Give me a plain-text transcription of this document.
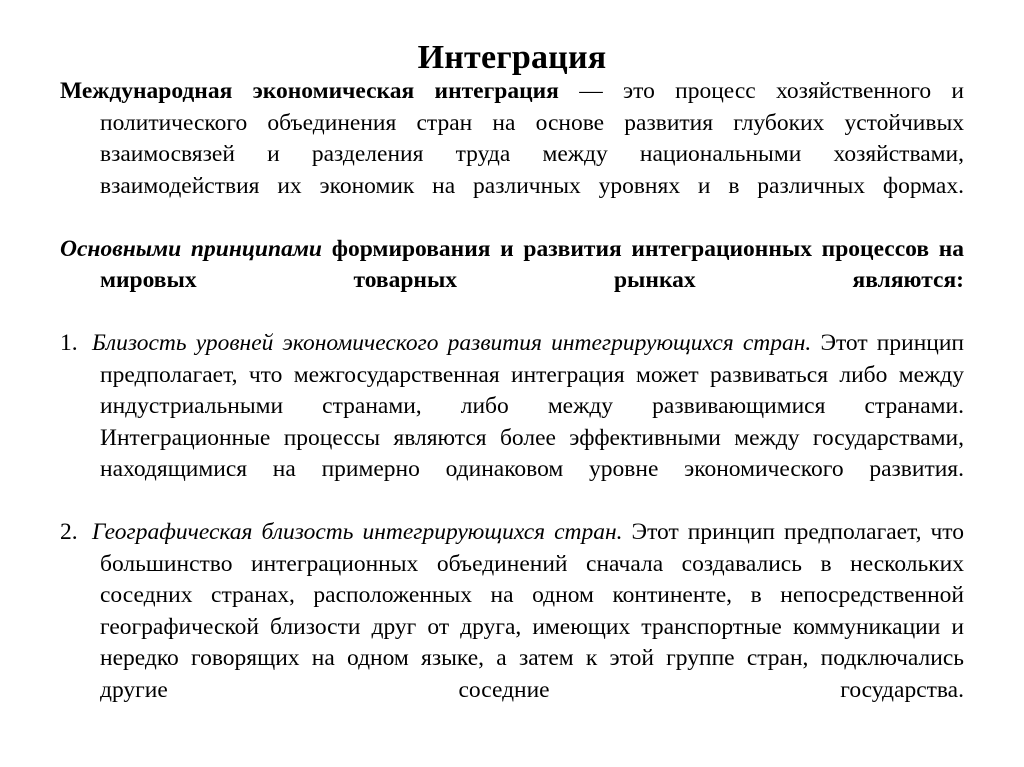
Интеграция

Международная экономическая интеграция — это процесс хозяйственного и политического объединения стран на основе развития глубоких устойчивых взаимосвязей и разделения труда между национальными хозяйствами, взаимодействия их экономик на различных уровнях и в различных формах.

Основными принципами формирования и развития интеграционных процессов на мировых товарных рынках являются:

1. Близость уровней экономического развития интегрирующихся стран. Этот принцип предполагает, что межгосударственная интеграция может развиваться либо между индустриальными странами, либо между развивающимися странами. Интеграционные процессы являются более эффективными между государствами, находящимися на примерно одинаковом уровне экономического развития.

2. Географическая близость интегрирующихся стран. Этот принцип предполагает, что большинство интеграционных объединений сначала создавались в нескольких соседних странах, расположенных на одном континенте, в непосредственной географической близости друг от друга, имеющих транспортные коммуникации и нередко говорящих на одном языке, а затем к этой группе стран, подключались другие соседние государства.
